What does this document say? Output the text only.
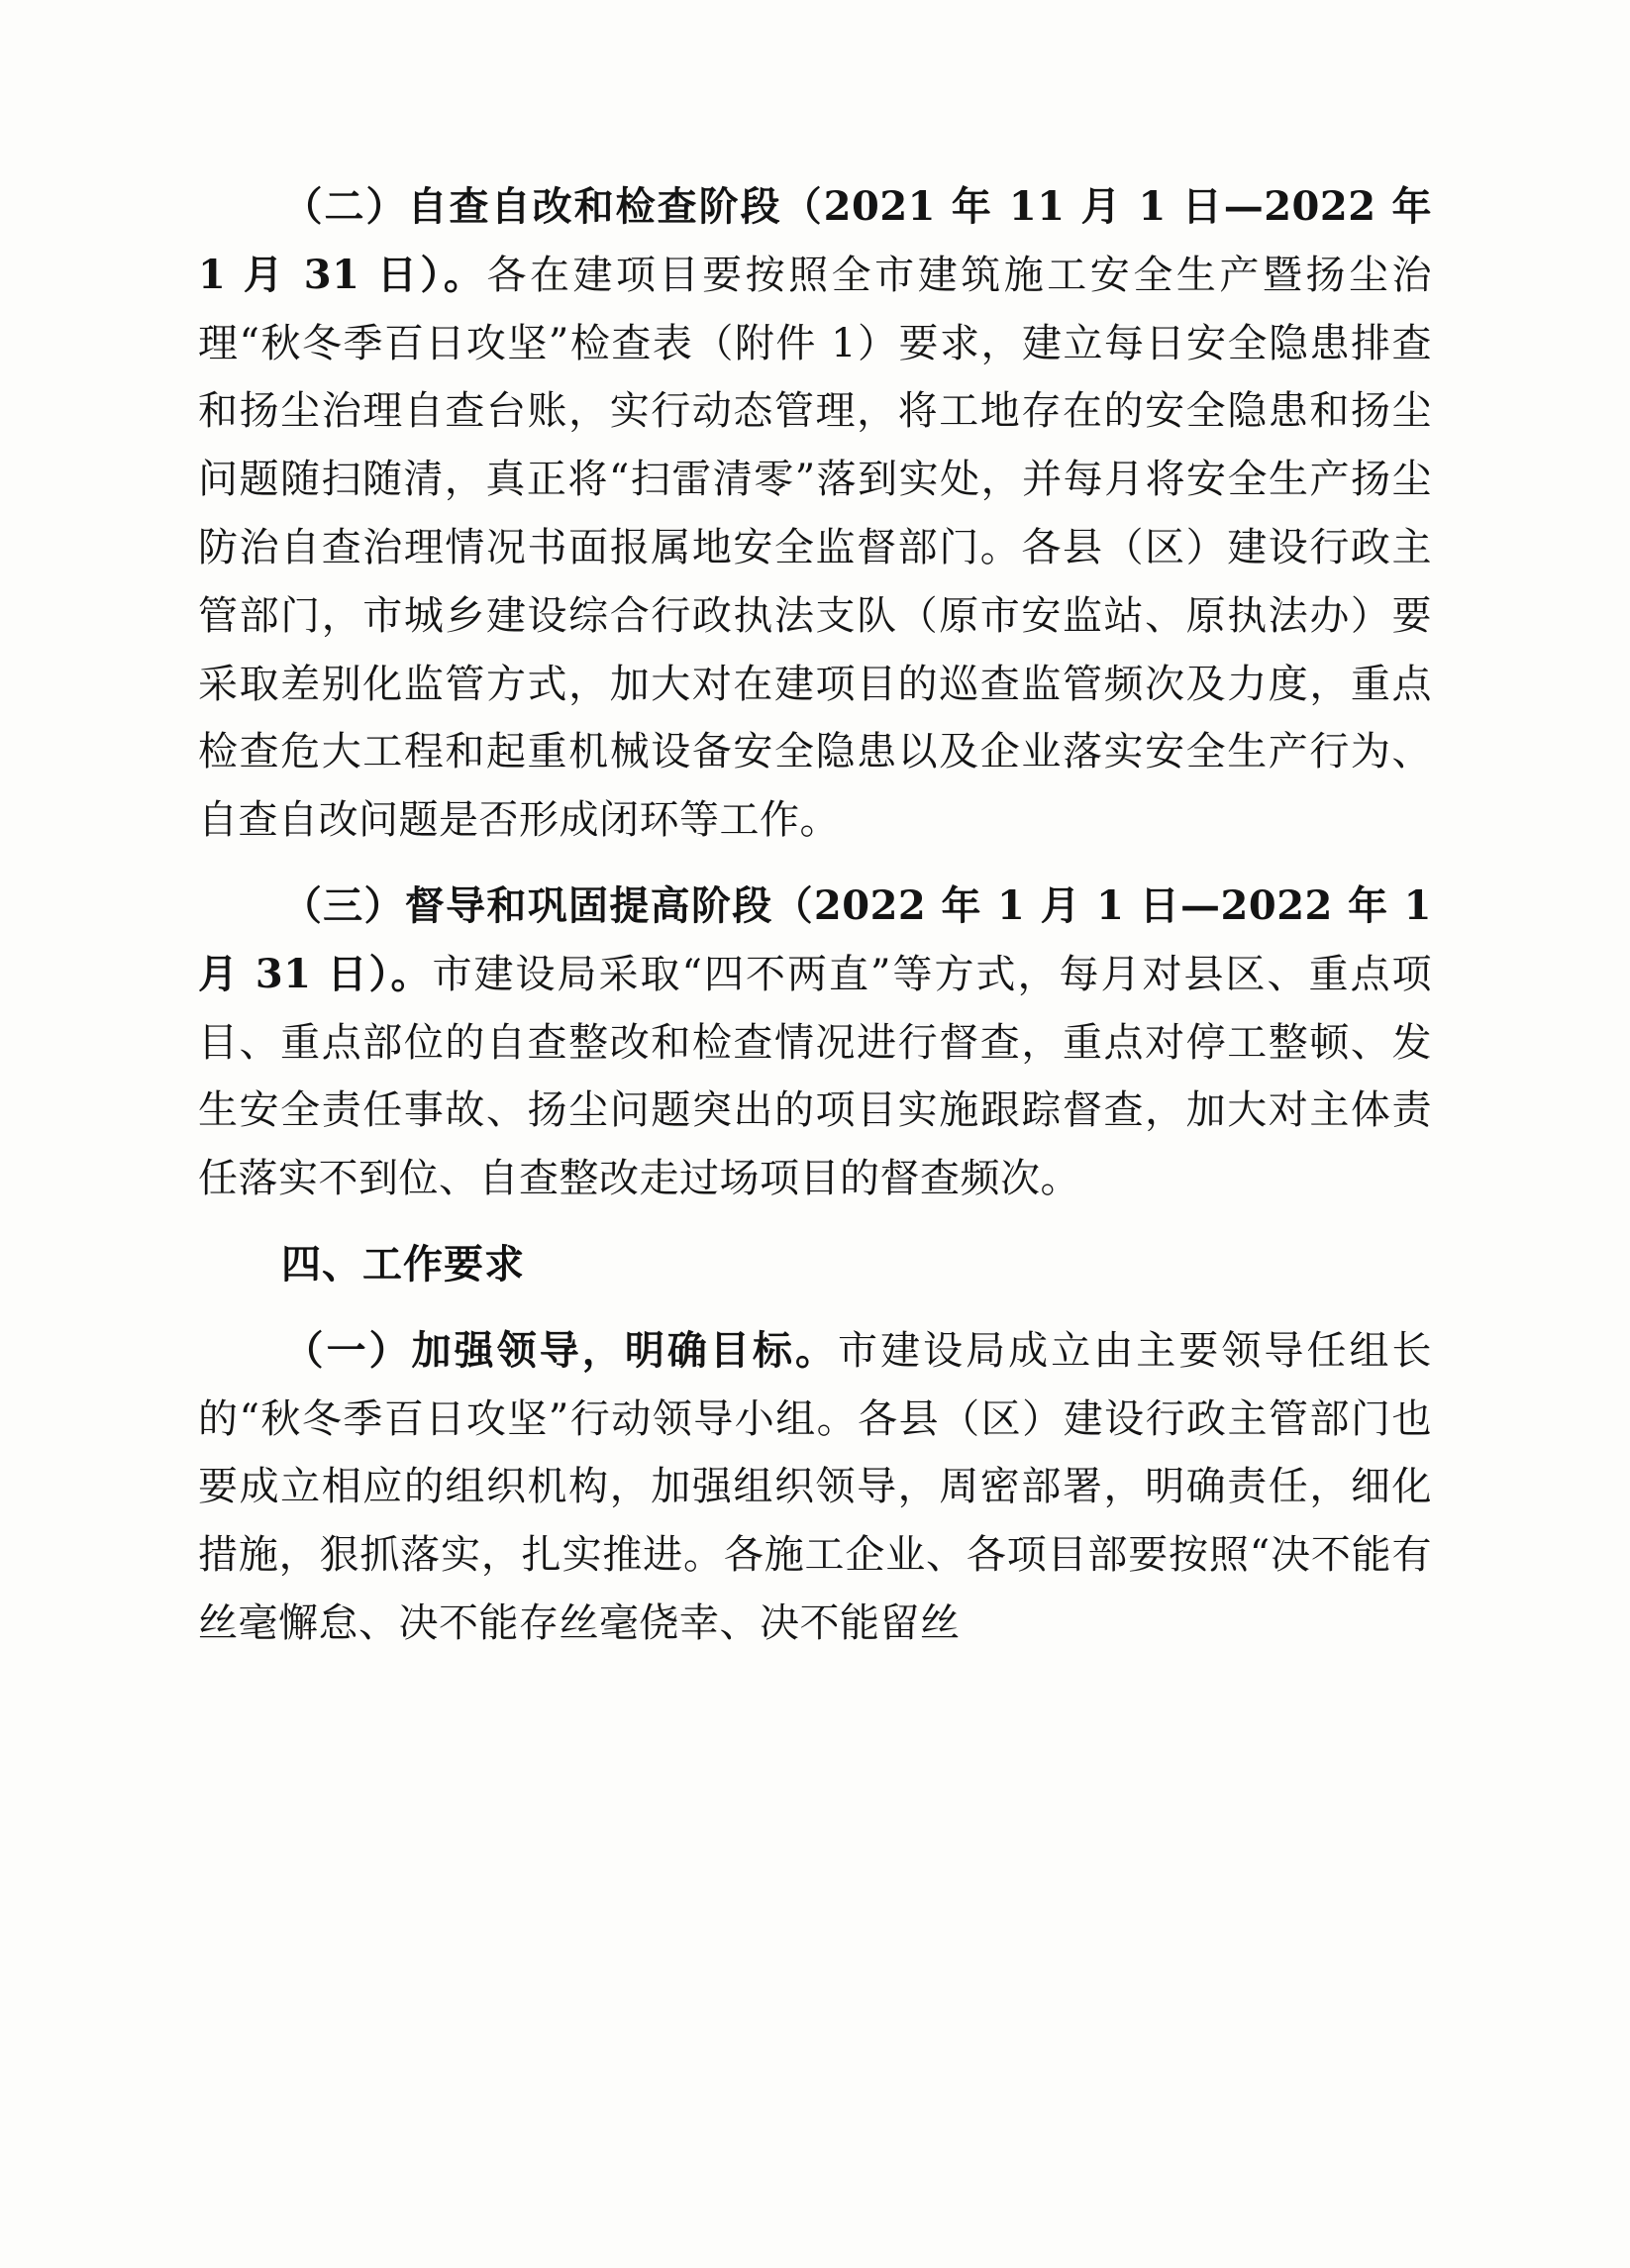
（二）自查自改和检查阶段（2021 年 11 月 1 日—2022 年 1 月 31 日）。各在建项目要按照全市建筑施工安全生产暨扬尘治理“秋冬季百日攻坚”检查表（附件 1）要求，建立每日安全隐患排查和扬尘治理自查台账，实行动态管理，将工地存在的安全隐患和扬尘问题随扫随清，真正将“扫雷清零”落到实处，并每月将安全生产扬尘防治自查治理情况书面报属地安全监督部门。各县（区）建设行政主管部门，市城乡建设综合行政执法支队（原市安监站、原执法办）要采取差别化监管方式，加大对在建项目的巡查监管频次及力度，重点检查危大工程和起重机械设备安全隐患以及企业落实安全生产行为、自查自改问题是否形成闭环等工作。

（三）督导和巩固提高阶段（2022 年 1 月 1 日—2022 年 1 月 31 日）。市建设局采取“四不两直”等方式，每月对县区、重点项目、重点部位的自查整改和检查情况进行督查，重点对停工整顿、发生安全责任事故、扬尘问题突出的项目实施跟踪督查，加大对主体责任落实不到位、自查整改走过场项目的督查频次。

四、工作要求

（一）加强领导，明确目标。市建设局成立由主要领导任组长的“秋冬季百日攻坚”行动领导小组。各县（区）建设行政主管部门也要成立相应的组织机构，加强组织领导，周密部署，明确责任，细化措施，狠抓落实，扎实推进。各施工企业、各项目部要按照“决不能有丝毫懈怠、决不能存丝毫侥幸、决不能留丝
